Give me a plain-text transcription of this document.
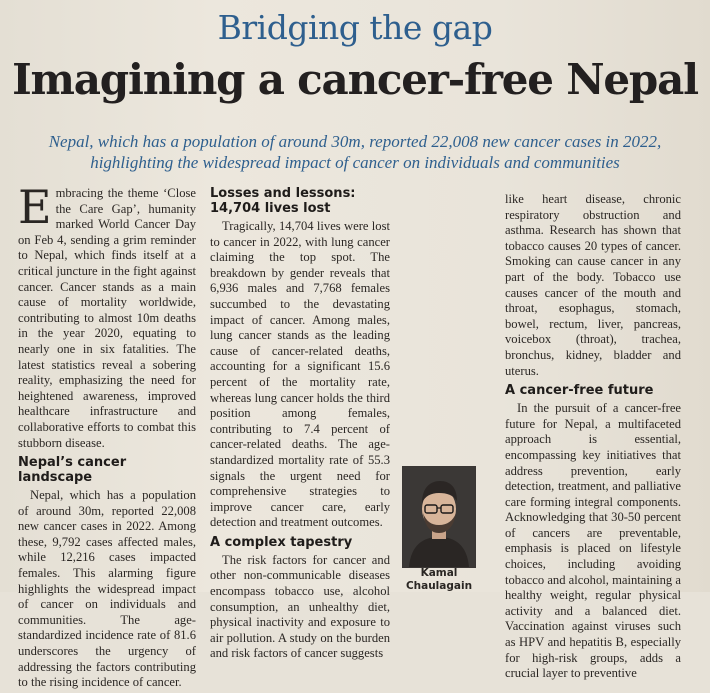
Bridging the gap
Imagining a cancer-free Nepal
Nepal, which has a population of around 30m, reported 22,008 new cancer cases in 2022,
highlighting the widespread impact of cancer on individuals and communities

Embracing the theme ‘Close the Care Gap’, humanity marked World Cancer Day on Feb 4, sending a grim reminder to Nepal, which finds itself at a critical juncture in the fight against cancer. Cancer stands as a main cause of mortality worldwide, contributing to almost 10m deaths in the year 2020, equating to nearly one in six fatalities. The latest statistics reveal a sobering reality, emphasizing the need for heightened awareness, improved healthcare infrastructure and collaborative efforts to combat this stubborn disease.

Nepal’s cancer landscape

Nepal, which has a population of around 30m, reported 22,008 new cancer cases in 2022. Among these, 9,792 cases affected males, while 12,216 cases impacted females. This alarming figure highlights the widespread impact of cancer on individuals and communities. The age-standardized incidence rate of 81.6 underscores the urgency of addressing the factors contributing to the rising incidence of cancer.

Losses and lessons: 14,704 lives lost

Tragically, 14,704 lives were lost to cancer in 2022, with lung cancer claiming the top spot. The breakdown by gender reveals that 6,936 males and 7,768 females succumbed to the devastating impact of cancer. Among males, lung cancer stands as the leading cause of cancer-related deaths, accounting for a significant 15.6 percent of the mortality rate, whereas lung cancer holds the third position among females, contributing to 7.4 percent of cancer-related deaths. The age-standardized mortality rate of 55.3 signals the urgent need for comprehensive strategies to improve cancer care, early detection and treatment outcomes.

A complex tapestry

The risk factors for cancer and other non-communicable diseases encompass tobacco use, alcohol consumption, an unhealthy diet, physical inactivity and exposure to air pollution. A study on the burden and risk factors of cancer suggests

Kamal Chaulagain

like heart disease, chronic respiratory obstruction and asthma. Research has shown that tobacco causes 20 types of cancer. Smoking can cause cancer in any part of the body. Tobacco use causes cancer of the mouth and throat, esophagus, stomach, bowel, rectum, liver, pancreas, voicebox (throat), trachea, bronchus, kidney, bladder and uterus.

A cancer-free future

In the pursuit of a cancer-free future for Nepal, a multifaceted approach is essential, encompassing key initiatives that address prevention, early detection, treatment, and palliative care forming integral components. Acknowledging that 30-50 percent of cancers are preventable, emphasis is placed on lifestyle choices, including avoiding tobacco and alcohol, maintaining a healthy weight, regular physical activity and a balanced diet. Vaccination against viruses such as HPV and hepatitis B, especially for high-risk groups, adds a crucial layer to preventive
